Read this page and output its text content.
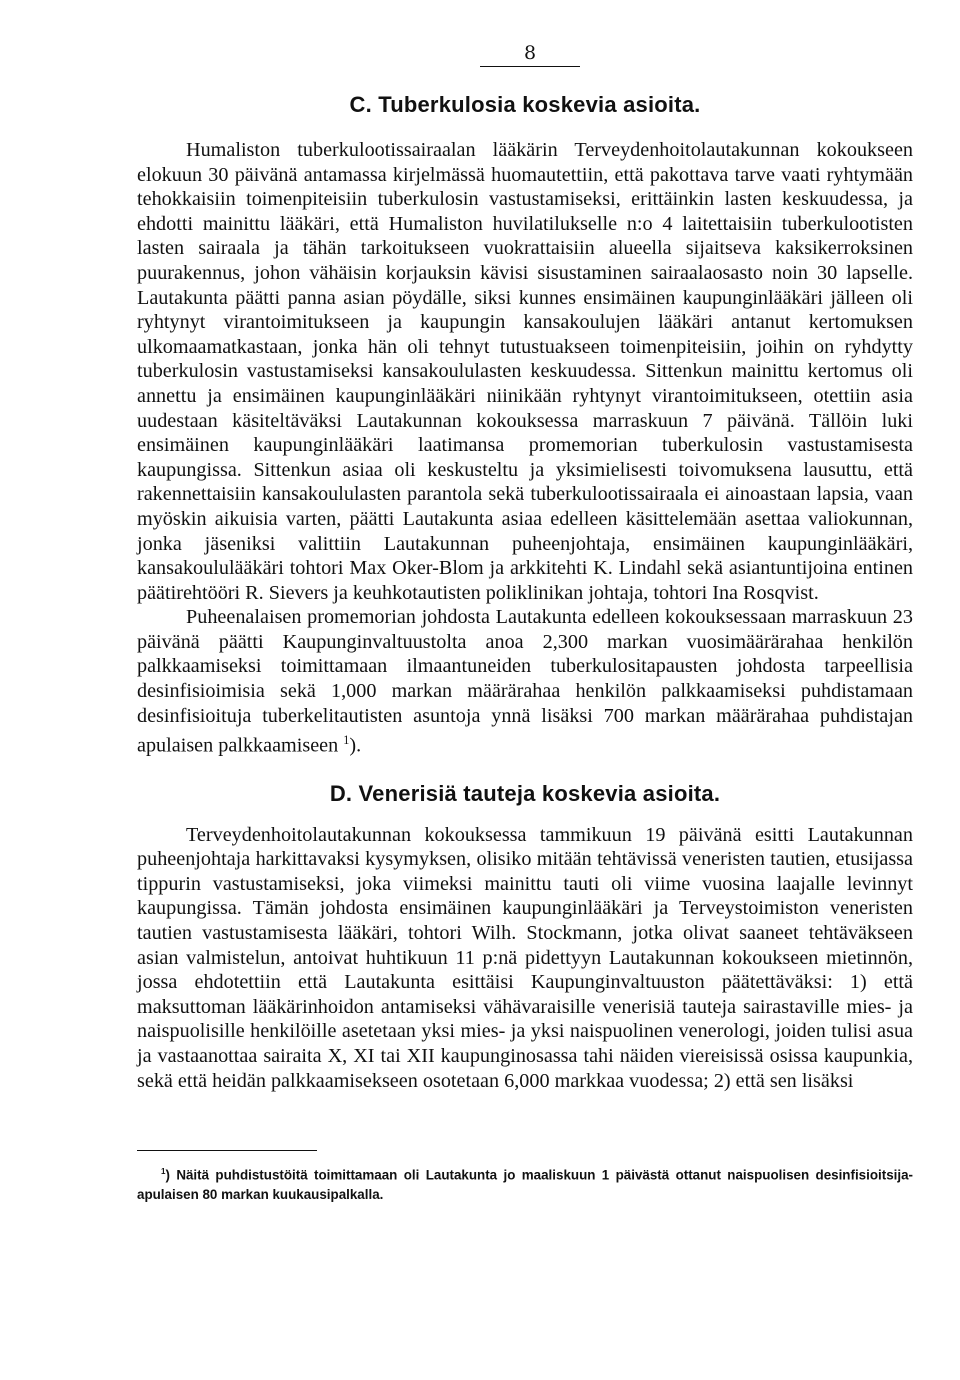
8
C. Tuberkulosia koskevia asioita.

Humaliston tuberkulootissairaalan lääkärin Terveydenhoitolautakunnan kokoukseen elokuun 30 päivänä antamassa kirjelmässä huomautettiin, että pakottava tarve vaati ryhtymään tehokkaisiin toimenpiteisiin tuberkulosin vastustamiseksi, erittäinkin lasten keskuudessa, ja ehdotti mainittu lääkäri, että Humaliston huvilatilukselle n:o 4 laitettaisiin tuberkulootisten lasten sairaala ja tähän tarkoitukseen vuokrattaisiin alueella sijaitseva kaksikerroksinen puurakennus, johon vähäisin korjauksin kävisi sisustaminen sairaalaosasto noin 30 lapselle. Lautakunta päätti panna asian pöydälle, siksi kunnes ensimäinen kaupunginlääkäri jälleen oli ryhtynyt virantoimitukseen ja kaupungin kansakoulujen lääkäri antanut kertomuksen ulkomaamatkastaan, jonka hän oli tehnyt tutustuakseen toimenpiteisiin, joihin on ryhdytty tuberkulosin vastustamiseksi kansakoululasten keskuudessa. Sittenkun mainittu kertomus oli annettu ja ensimäinen kaupunginlääkäri niinikään ryhtynyt virantoimitukseen, otettiin asia uudestaan käsiteltäväksi Lautakunnan kokouksessa marraskuun 7 päivänä. Tällöin luki ensimäinen kaupunginlääkäri laatimansa promemorian tuberkulosin vastustamisesta kaupungissa. Sittenkun asiaa oli keskusteltu ja yksimielisesti toivomuksena lausuttu, että rakennettaisiin kansakoululasten parantola sekä tuberkulootissairaala ei ainoastaan lapsia, vaan myöskin aikuisia varten, päätti Lautakunta asiaa edelleen käsittelemään asettaa valiokunnan, jonka jäseniksi valittiin Lautakunnan puheenjohtaja, ensimäinen kaupunginlääkäri, kansakoululääkäri tohtori Max Oker-Blom ja arkkitehti K. Lindahl sekä asiantuntijoina entinen päätirehtööri R. Sievers ja keuhkotautisten poliklinikan johtaja, tohtori Ina Rosqvist.

Puheenalaisen promemorian johdosta Lautakunta edelleen kokouksessaan marraskuun 23 päivänä päätti Kaupunginvaltuustolta anoa 2,300 markan vuosimäärärahaa henkilön palkkaamiseksi toimittamaan ilmaantuneiden tuberkulositapausten johdosta tarpeellisia desinfisioimisia sekä 1,000 markan määrärahaa henkilön palkkaamiseksi puhdistamaan desinfisioituja tuberkelitautisten asuntoja ynnä lisäksi 700 markan määrärahaa puhdistajan apulaisen palkkaamiseen $^1$).

D. Venerisiä tauteja koskevia asioita.

Terveydenhoitolautakunnan kokouksessa tammikuun 19 päivänä esitti Lautakunnan puheenjohtaja harkittavaksi kysymyksen, olisiko mitään tehtävissä veneristen tautien, etusijassa tippurin vastustamiseksi, joka viimeksi mainittu tauti oli viime vuosina laajalle levinnyt kaupungissa. Tämän johdosta ensimäinen kaupunginlääkäri ja Terveystoimiston veneristen tautien vastustamisesta lääkäri, tohtori Wilh. Stockmann, jotka olivat saaneet tehtäväkseen asian valmistelun, antoivat huhtikuun 11 p:nä pidettyyn Lautakunnan kokoukseen mietinnön, jossa ehdotettiin että Lautakunta esittäisi Kaupunginvaltuuston päätettäväksi: 1) että maksuttoman lääkärinhoidon antamiseksi vähävaraisille venerisiä tauteja sairastaville mies- ja naispuolisille henkilöille asetetaan yksi mies- ja yksi naispuolinen venerologi, joiden tulisi asua ja vastaanottaa sairaita X, XI tai XII kaupunginosassa tahi näiden viereisissä osissa kaupunkia, sekä että heidän palkkaamisekseen osotetaan 6,000 markkaa vuodessa; 2) että sen lisäksi

$^1$) Näitä puhdistustöitä toimittamaan oli Lautakunta jo maaliskuun 1 päivästä ottanut naispuolisen desinfisioitsija-apulaisen 80 markan kuukausipalkalla.
